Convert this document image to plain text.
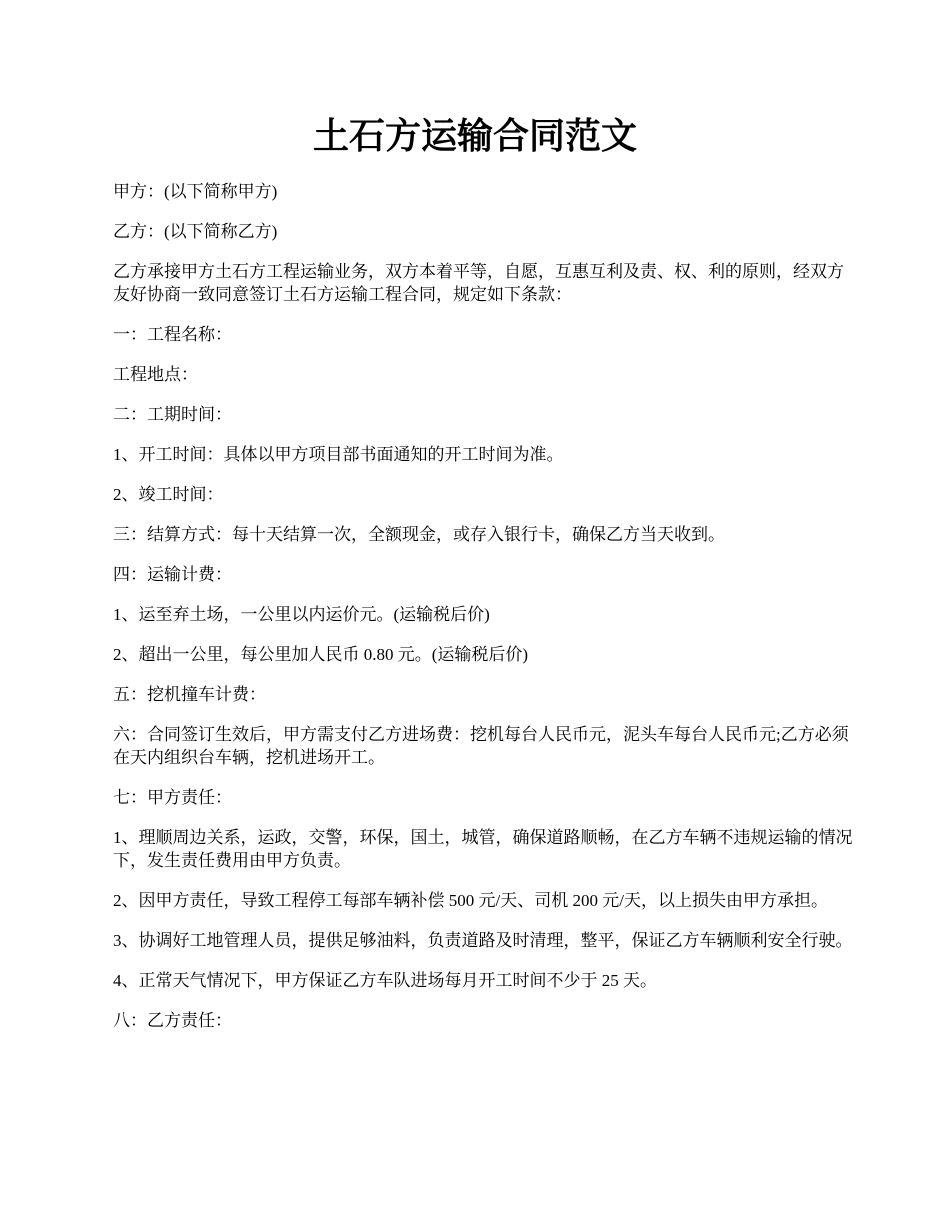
土石方运输合同范文

甲方：(以下简称甲方)

乙方：(以下简称乙方)

乙方承接甲方土石方工程运输业务，双方本着平等，自愿，互惠互利及责、权、利的原则，经双方友好协商一致同意签订土石方运输工程合同，规定如下条款：

一：工程名称：

工程地点：

二：工期时间：

1、开工时间：具体以甲方项目部书面通知的开工时间为准。

2、竣工时间：

三：结算方式：每十天结算一次，全额现金，或存入银行卡，确保乙方当天收到。

四：运输计费：

1、运至弃土场，一公里以内运价元。(运输税后价)

2、超出一公里，每公里加人民币 0.80 元。(运输税后价)

五：挖机撞车计费：

六：合同签订生效后，甲方需支付乙方进场费：挖机每台人民币元，泥头车每台人民币元;乙方必须在天内组织台车辆，挖机进场开工。

七：甲方责任：

1、理顺周边关系，运政，交警，环保，国土，城管，确保道路顺畅，在乙方车辆不违规运输的情况下，发生责任费用由甲方负责。

2、因甲方责任，导致工程停工每部车辆补偿 500 元/天、司机 200 元/天，以上损失由甲方承担。

3、协调好工地管理人员，提供足够油料，负责道路及时清理，整平，保证乙方车辆顺利安全行驶。

4、正常天气情况下，甲方保证乙方车队进场每月开工时间不少于 25 天。

八：乙方责任：
